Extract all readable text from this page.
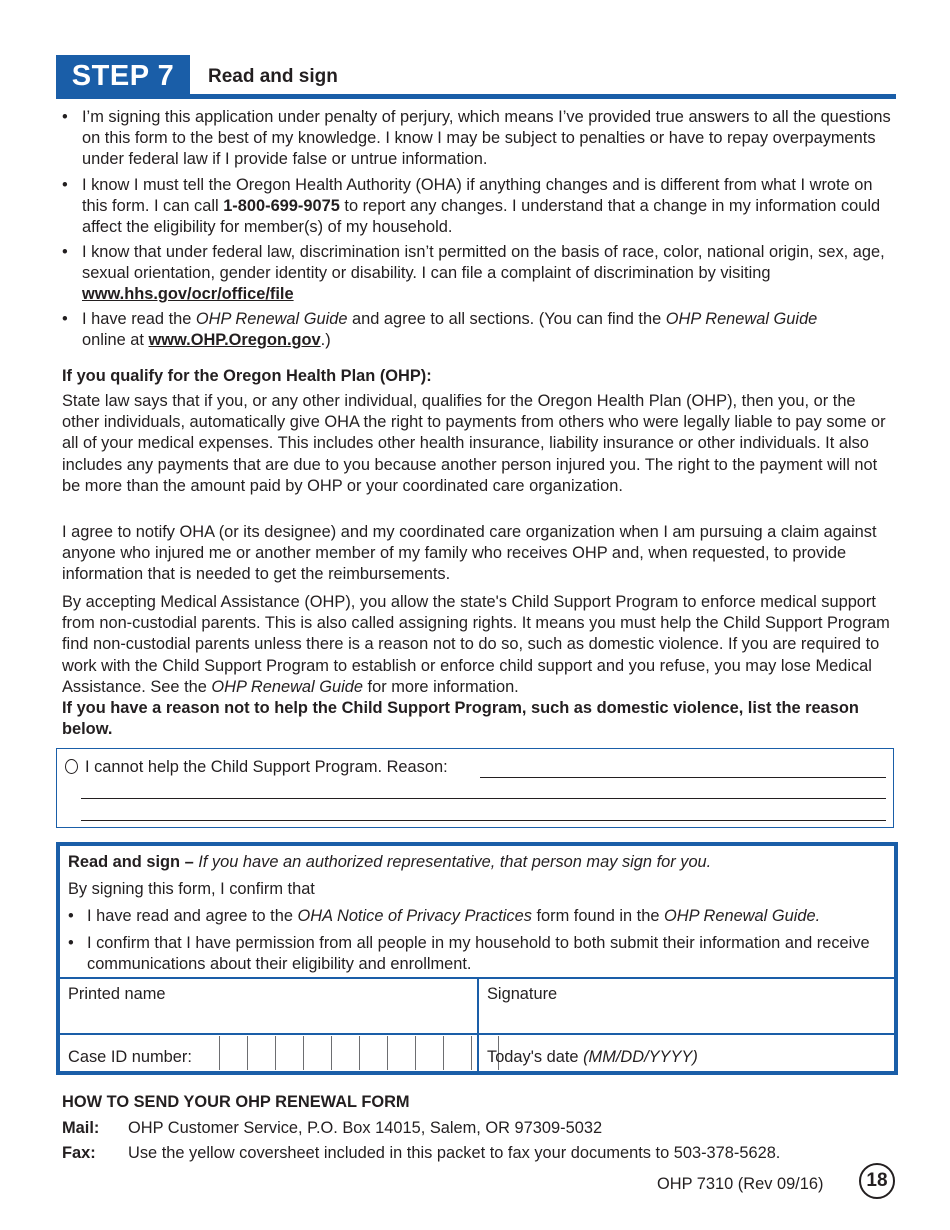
STEP 7	Read and sign
• I’m signing this application under penalty of perjury, which means I’ve provided true answers to all the questions on this form to the best of my knowledge. I know I may be subject to penalties or have to repay overpayments under federal law if I provide false or untrue information.
• I know I must tell the Oregon Health Authority (OHA) if anything changes and is different from what I wrote on this form. I can call 1-800-699-9075 to report any changes. I understand that a change in my information could affect the eligibility for member(s) of my household.
• I know that under federal law, discrimination isn’t permitted on the basis of race, color, national origin, sex, age, sexual orientation, gender identity or disability. I can file a complaint of discrimination by visiting www.hhs.gov/ocr/office/file
• I have read the OHP Renewal Guide and agree to all sections. (You can find the OHP Renewal Guide
online at www.OHP.Oregon.gov.)
If you qualify for the Oregon Health Plan (OHP):
State law says that if you, or any other individual, qualifies for the Oregon Health Plan (OHP), then you, or the other individuals, automatically give OHA the right to payments from others who were legally liable to pay some or all of your medical expenses. This includes other health insurance, liability insurance or other individuals. It also includes any payments that are due to you because another person injured you. The right to the payment will not be more than the amount paid by OHP or your coordinated care organization.
I agree to notify OHA (or its designee) and my coordinated care organization when I am pursuing a claim against anyone who injured me or another member of my family who receives OHP and, when requested, to provide information that is needed to get the reimbursements.
By accepting Medical Assistance (OHP), you allow the state's Child Support Program to enforce medical support from non-custodial parents. This is also called assigning rights. It means you must help the Child Support Program find non-custodial parents unless there is a reason not to do so, such as domestic violence. If you are required to work with the Child Support Program to establish or enforce child support and you refuse, you may lose Medical Assistance. See the OHP Renewal Guide for more information.
If you have a reason not to help the Child Support Program, such as domestic violence, list the reason below.
I cannot help the Child Support Program. Reason:
Read and sign – If you have an authorized representative, that person may sign for you.
By signing this form, I confirm that
• I have read and agree to the OHA Notice of Privacy Practices form found in the OHP Renewal Guide.
• I confirm that I have permission from all people in my household to both submit their information and receive communications about their eligibility and enrollment.
Printed name	Signature
Case ID number:	Today's date (MM/DD/YYYY)
HOW TO SEND YOUR OHP RENEWAL FORM
Mail: OHP Customer Service, P.O. Box 14015, Salem, OR 97309-5032
Fax: Use the yellow coversheet included in this packet to fax your documents to 503-378-5628.
OHP 7310 (Rev 09/16)	18
